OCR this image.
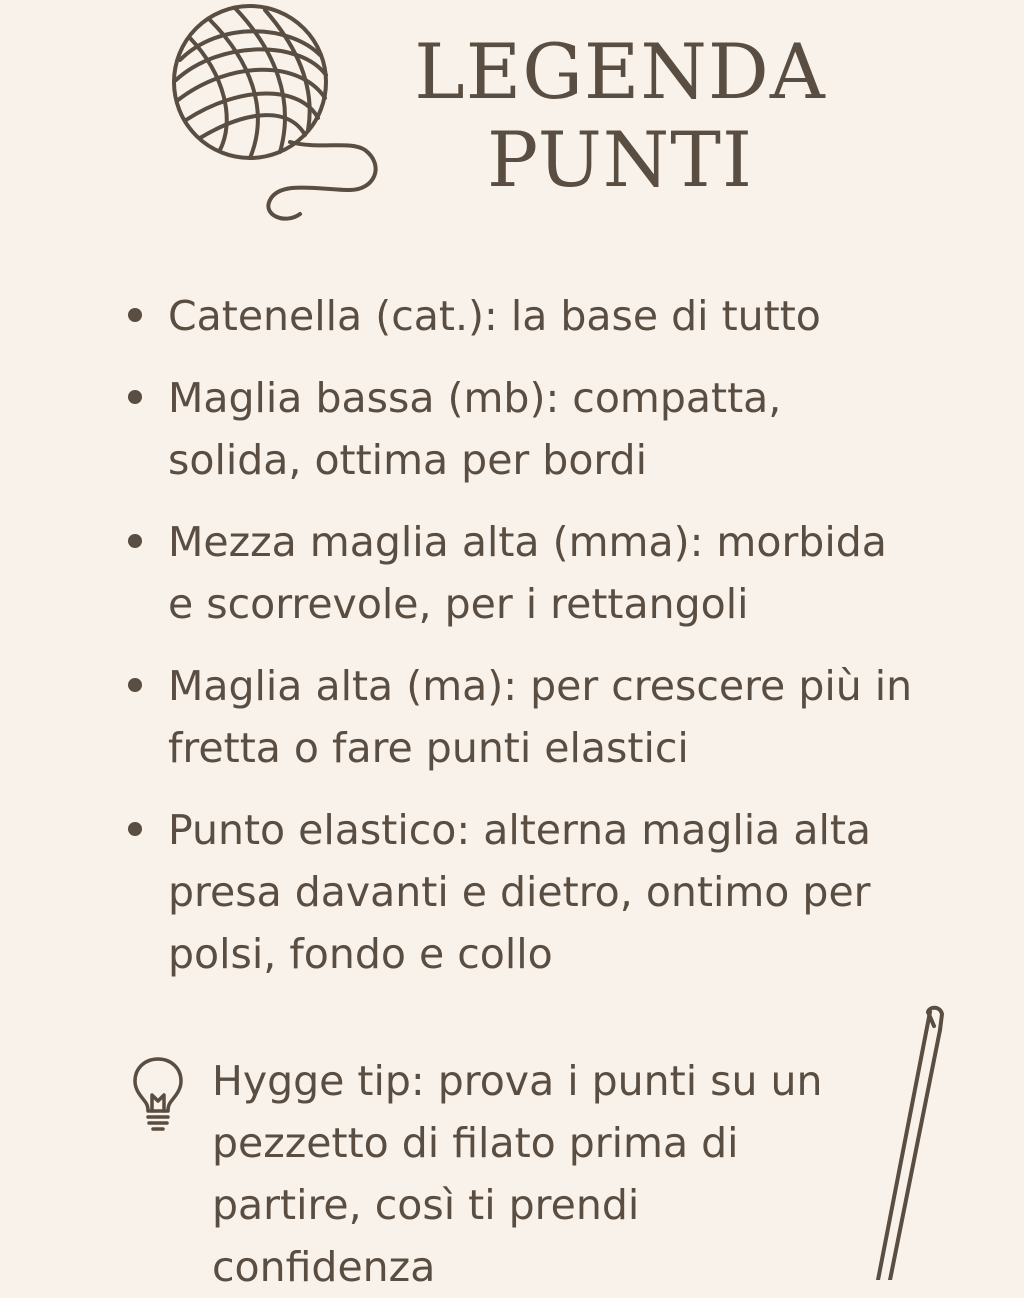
LEGENDA
PUNTI
Catenella (cat.): la base di tutto
Maglia bassa (mb): compatta, solida, ottima per bordi
Mezza maglia alta (mma): morbida e scorrevole, per i rettangoli
Maglia alta (ma): per crescere più in fretta o fare punti elastici
Punto elastico: alterna maglia alta presa davanti e dietro, ontimo per polsi, fondo e collo
Hygge tip: prova i punti su un pezzetto di filato prima di partire, così ti prendi confidenza
